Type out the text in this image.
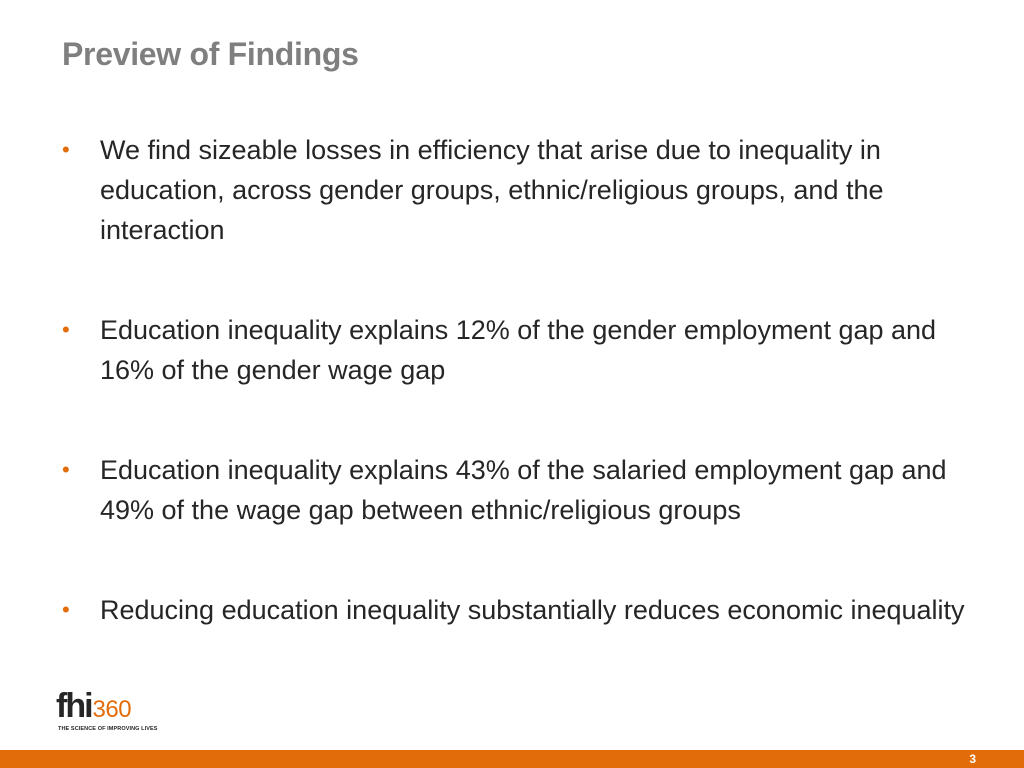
Preview of Findings
• We find sizeable losses in efficiency that arise due to inequality in education, across gender groups, ethnic/religious groups, and the interaction
• Education inequality explains 12% of the gender employment gap and 16% of the gender wage gap
• Education inequality explains 43% of the salaried employment gap and 49% of the wage gap between ethnic/religious groups
• Reducing education inequality substantially reduces economic inequality
fhi360
THE SCIENCE OF IMPROVING LIVES
3
